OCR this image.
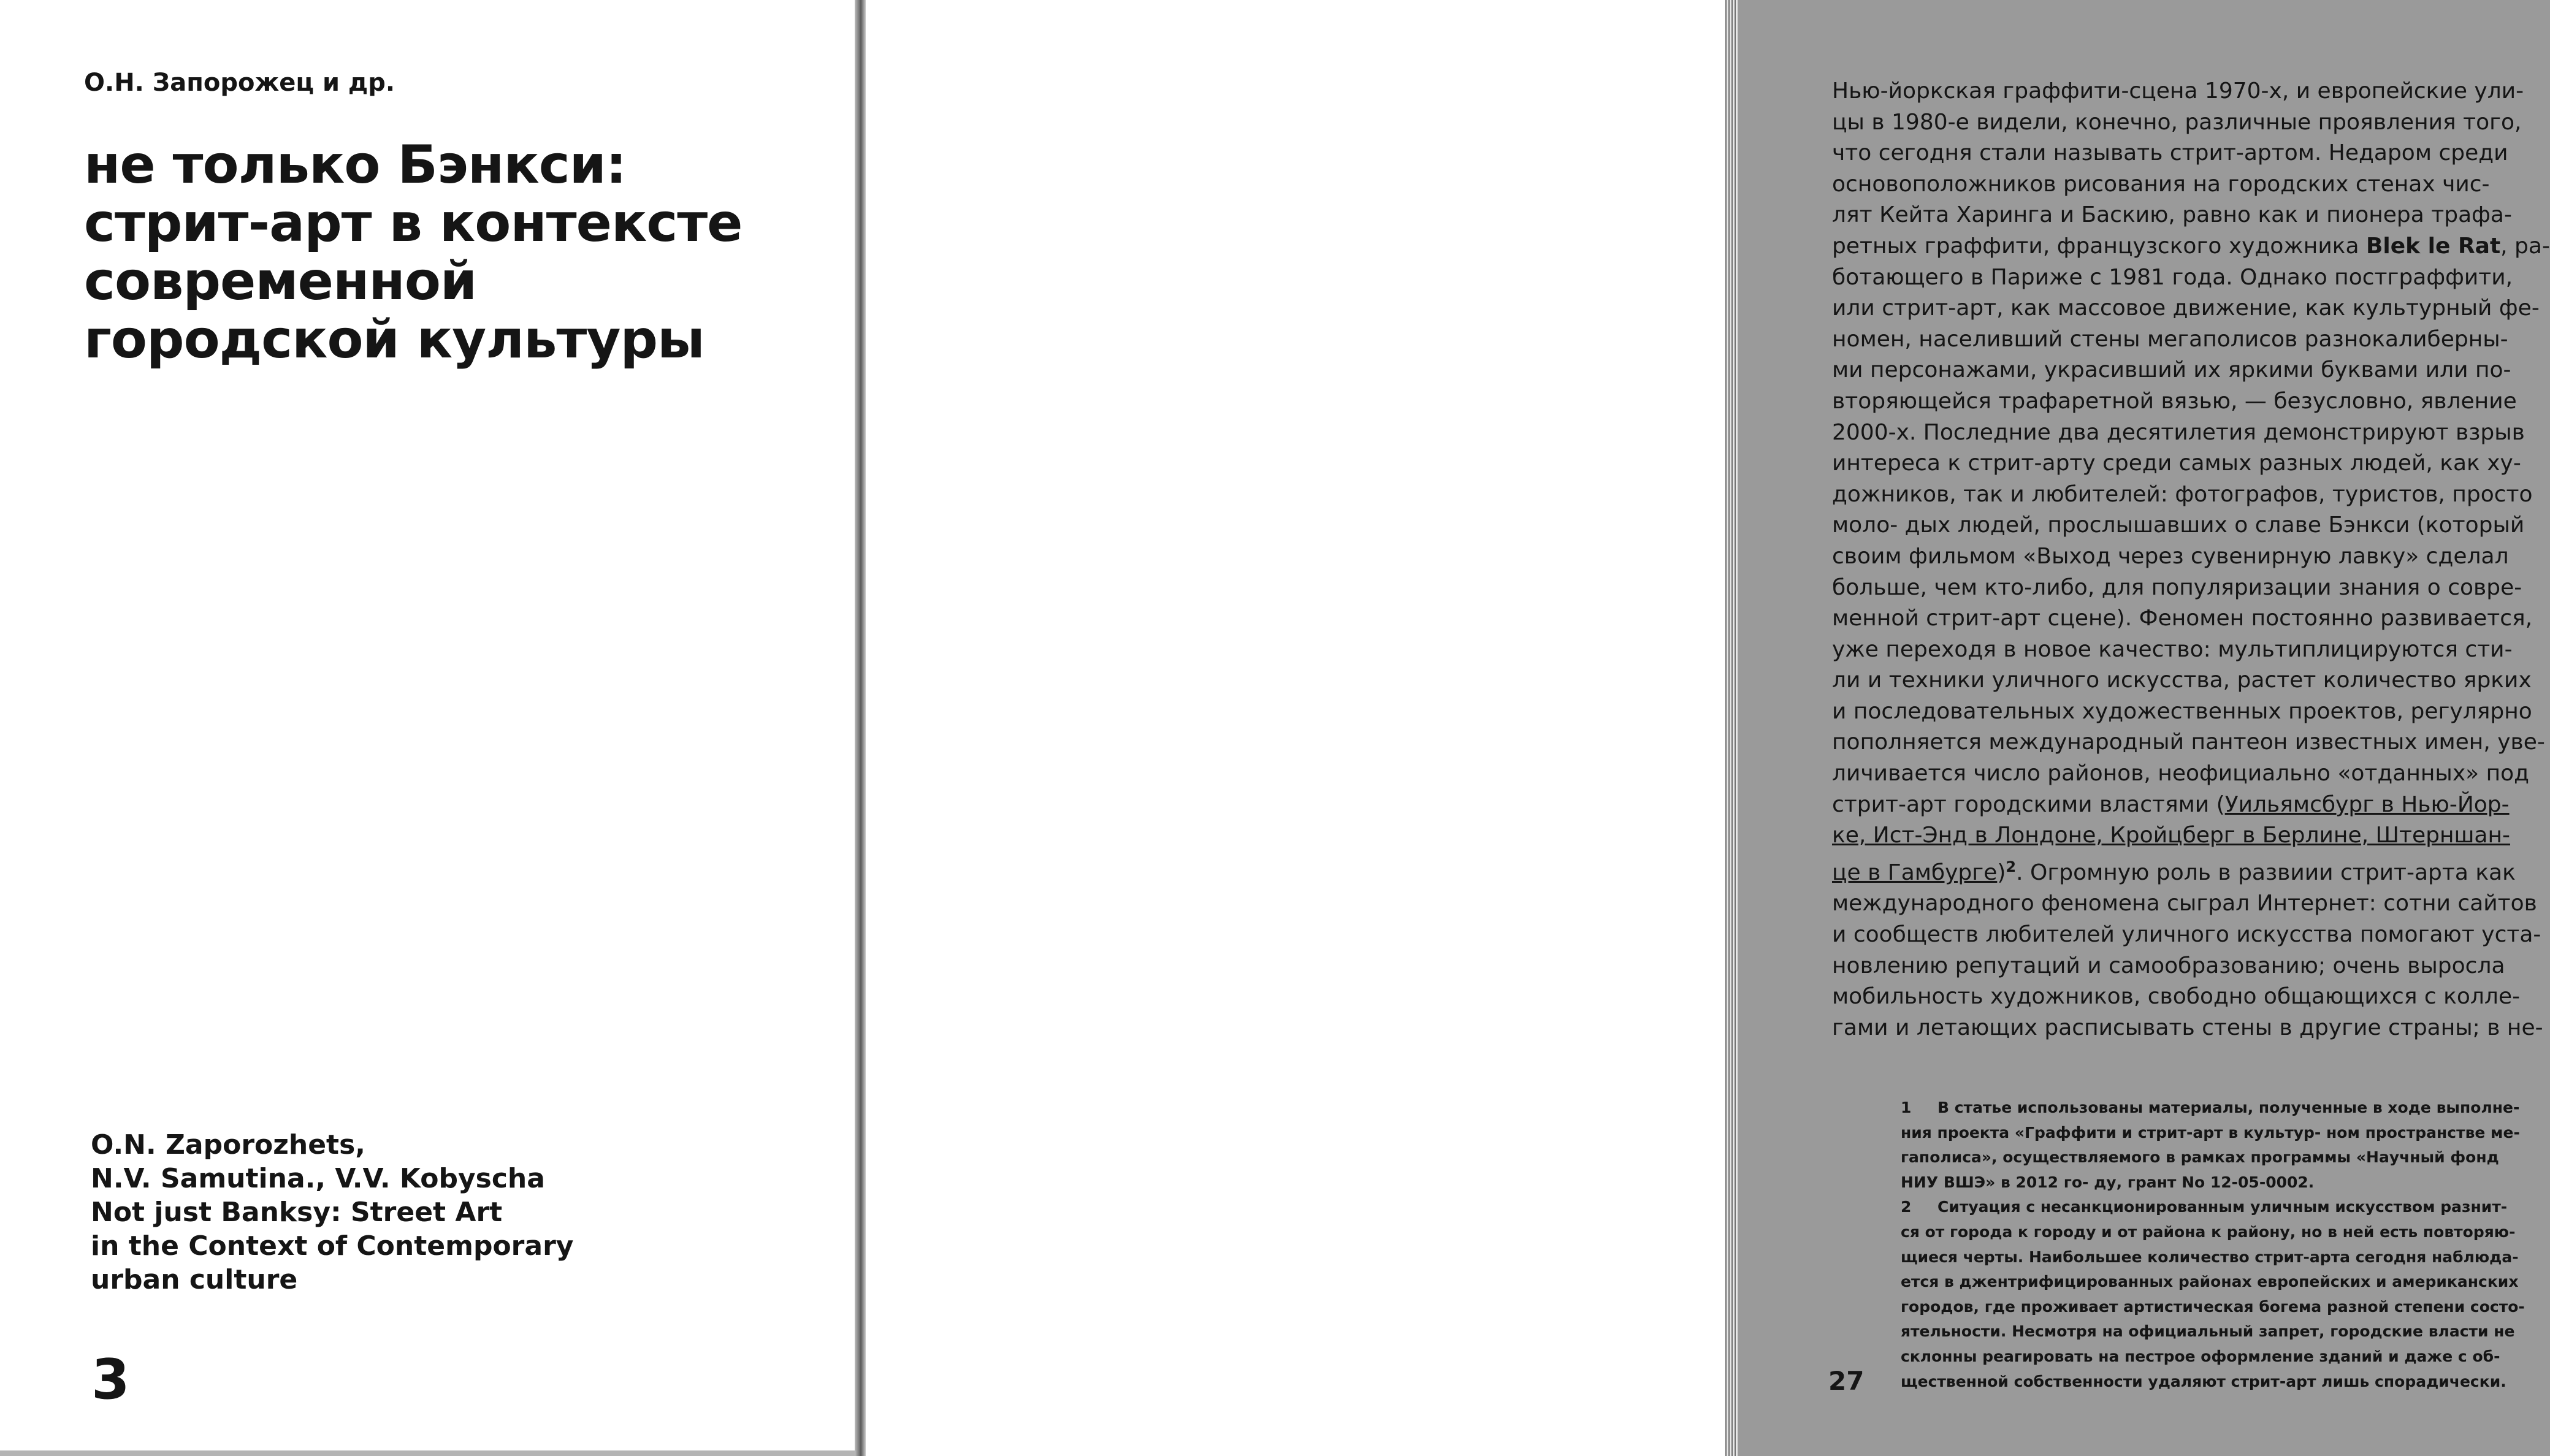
О.Н. Запорожец и др.
не только Бэнкси:
стрит-арт в контексте
современной
городской культуры
O.N. Zaporozhets,
N.V. Samutina., V.V. Kobyscha
Not just Banksy: Street Art
in the Context of Contemporary
urban culture
3
Нью-йоркская граффити-сцена 1970-х, и европейские ули-
цы в 1980-е видели, конечно, различные проявления того,
что сегодня стали называть стрит-артом. Недаром среди
основоположников рисования на городских стенах чис-
лят Кейта Харинга и Баскию, равно как и пионера трафа-
ретных граффити, французского художника Blek le Rat, ра-
ботающего в Париже с 1981 года. Однако постграффити,
или стрит-арт, как массовое движение, как культурный фе-
номен, населивший стены мегаполисов разнокалиберны-
ми персонажами, украсивший их яркими буквами или по-
вторяющейся трафаретной вязью, — безусловно, явление
2000-х. Последние два десятилетия демонстрируют взрыв
интереса к стрит-арту среди самых разных людей, как ху-
дожников, так и любителей: фотографов, туристов, просто
моло- дых людей, прослышавших о славе Бэнкси (который
своим фильмом «Выход через сувенирную лавку» сделал
больше, чем кто-либо, для популяризации знания о совре-
менной стрит-арт сцене). Феномен постоянно развивается,
уже переходя в новое качество: мультиплицируются сти-
ли и техники уличного искусства, растет количество ярких
и последовательных художественных проектов, регулярно
пополняется международный пантеон известных имен, уве-
личивается число районов, неофициально «отданных» под
стрит-арт городскими властями (Уильямсбург в Нью-Йор-
ке, Ист-Энд в Лондоне, Кройцберг в Берлине, Штерншан-
це в Гамбурге)$^2$. Огромную роль в развиии стрит-арта как
международного феномена сыграл Интернет: сотни сайтов
и сообществ любителей уличного искусства помогают уста-
новлению репутаций и самообразованию; очень выросла
мобильность художников, свободно общающихся с колле-
гами и летающих расписывать стены в другие страны; в не-
1 В статье использованы материалы, полученные в ходе выполне-
ния проекта «Граффити и стрит-арт в культур- ном пространстве ме-
гаполиса», осуществляемого в рамках программы «Научный фонд
НИУ ВШЭ» в 2012 го- ду, грант No 12-05-0002.
2 Ситуация с несанкционированным уличным искусством разнит-
ся от города к городу и от района к району, но в ней есть повторяю-
щиеся черты. Наибольшее количество стрит-арта сегодня наблюда-
ется в джентрифицированных районах европейских и американских
городов, где проживает артистическая богема разной степени состо-
ятельности. Несмотря на официальный запрет, городские власти не
склонны реагировать на пестрое оформление зданий и даже с об-
щественной собственности удаляют стрит-арт лишь спорадически.
27
